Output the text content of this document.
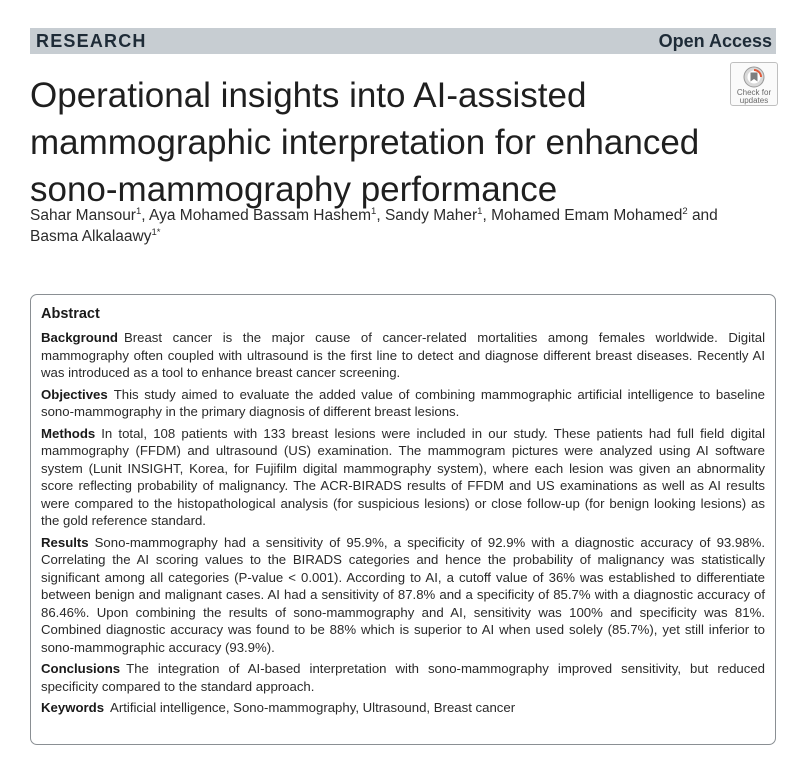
RESEARCH	Open Access
Operational insights into AI-assisted mammographic interpretation for enhanced sono-mammography performance
Check for
updates
Sahar Mansour$^1$, Aya Mohamed Bassam Hashem$^1$, Sandy Maher$^1$, Mohamed Emam Mohamed$^2$ and
Basma Alkalaawy$^{1*}$
Abstract

Background Breast cancer is the major cause of cancer-related mortalities among females worldwide. Digital mammography often coupled with ultrasound is the first line to detect and diagnose different breast diseases. Recently AI was introduced as a tool to enhance breast cancer screening.

Objectives This study aimed to evaluate the added value of combining mammographic artificial intelligence to baseline sono-mammography in the primary diagnosis of different breast lesions.

Methods In total, 108 patients with 133 breast lesions were included in our study. These patients had full field digital mammography (FFDM) and ultrasound (US) examination. The mammogram pictures were analyzed using AI software system (Lunit INSIGHT, Korea, for Fujifilm digital mammography system), where each lesion was given an abnormality score reflecting probability of malignancy. The ACR-BIRADS results of FFDM and US examinations as well as AI results were compared to the histopathological analysis (for suspicious lesions) or close follow-up (for benign looking lesions) as the gold reference standard.

Results Sono-mammography had a sensitivity of 95.9%, a specificity of 92.9% with a diagnostic accuracy of 93.98%. Correlating the AI scoring values to the BIRADS categories and hence the probability of malignancy was statistically significant among all categories (P-value < 0.001). According to AI, a cutoff value of 36% was established to differentiate between benign and malignant cases. AI had a sensitivity of 87.8% and a specificity of 85.7% with a diagnostic accuracy of 86.46%. Upon combining the results of sono-mammography and AI, sensitivity was 100% and specificity was 81%. Combined diagnostic accuracy was found to be 88% which is superior to AI when used solely (85.7%), yet still inferior to sono-mammographic accuracy (93.9%).

Conclusions The integration of AI-based interpretation with sono-mammography improved sensitivity, but reduced specificity compared to the standard approach.

Keywords Artificial intelligence, Sono-mammography, Ultrasound, Breast cancer
